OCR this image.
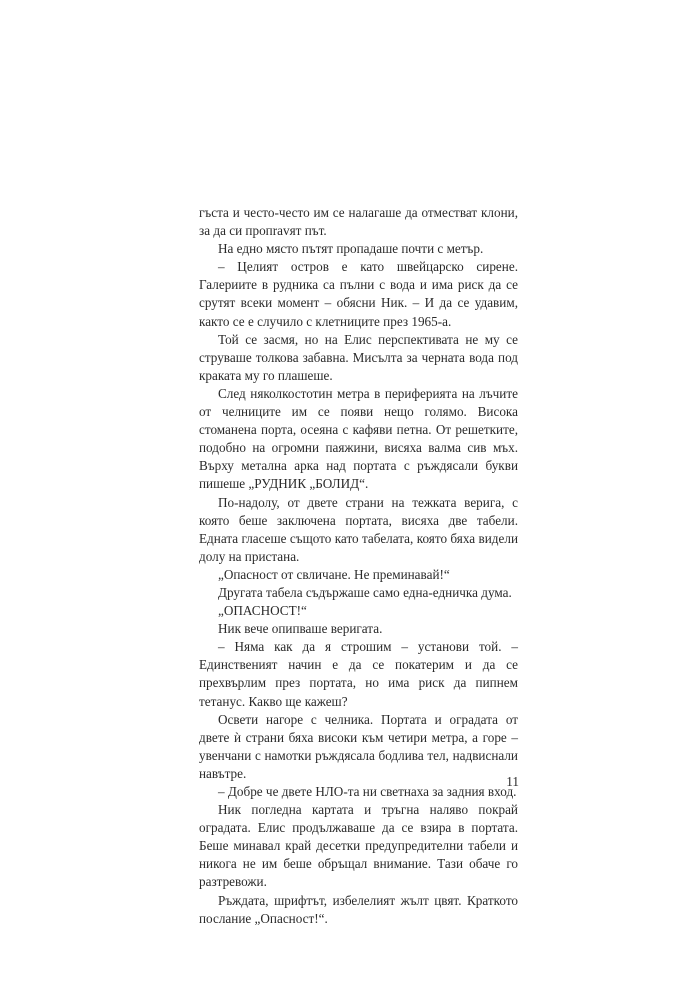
гъста и често-често им се налагаше да отместват клони, за да си пропravят път.

На едно място пътят пропадаше почти с метър.

– Целият остров е като швейцарско сирене. Галериите в рудника са пълни с вода и има риск да се срутят всеки момент – обясни Ник. – И да се удавим, както се е случило с клетниците през 1965-а.

Той се засмя, но на Елис перспективата не му се струваше толкова забавна. Мисълта за черната вода под краката му го плашеше.

След няколкостотин метра в периферията на лъчите от челниците им се появи нещо голямо. Висока стоманена порта, осеяна с кафяви петна. От решетките, подобно на огромни паяжини, висяха валма сив мъх. Върху метална арка над портата с ръждясали букви пишеше „РУДНИК „БОЛИД“.

По-надолу, от двете страни на тежката верига, с която беше заключена портата, висяха две табели. Едната гласеше същото като табелата, която бяха видели долу на пристана.

„Опасност от свличане. Не преминавай!“

Другата табела съдържаше само една-едничка дума.

„ОПАСНОСТ!“

Ник вече опипваше веригата.

– Няма как да я строшим – установи той. – Единственият начин е да се покатерим и да се прехвърлим през портата, но има риск да пипнем тетанус. Какво ще кажеш?

Освети нагоре с челника. Портата и оградата от двете ѝ страни бяха високи към четири метра, а горе – увенчани с намотки ръждясала бодлива тел, надвиснали навътре.

– Добре че двете НЛО-та ни светнаха за задния вход.

Ник погледна картата и тръгна наляво покрай оградата. Елис продължаваше да се взира в портата. Беше минавал край десетки предупредителни табели и никога не им беше обръщал внимание. Тази обаче го разтревожи.

Ръждата, шрифтът, избелелият жълт цвят. Краткото послание „Опасност!“.

11
